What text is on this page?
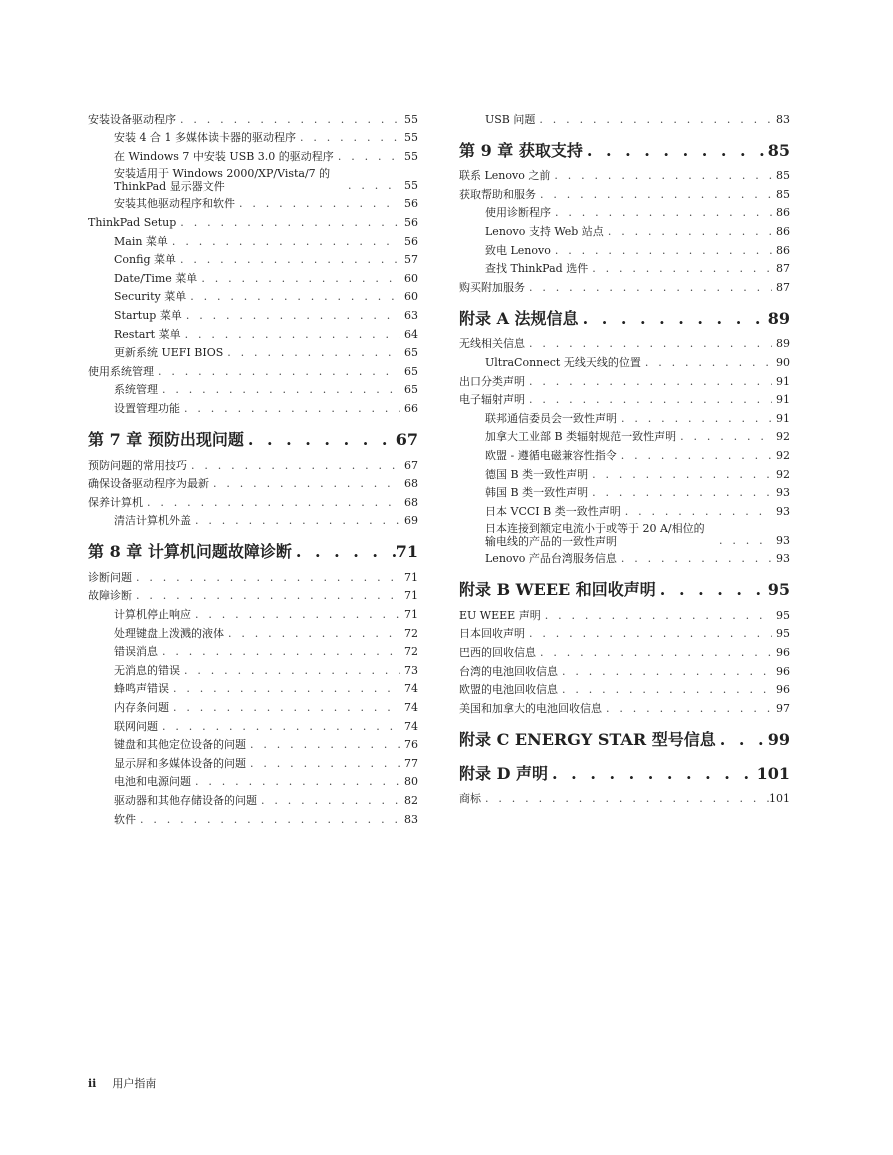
安装设备驱动程序 . . .	55
安装 4 合 1 多媒体读卡器的驱动程序 . . .	55
在 Windows 7 中安装 USB 3.0 的驱动程序 . . .	55
安装适用于 Windows 2000/XP/Vista/7 的 ThinkPad 显示器文件 . . .	55
安装其他驱动程序和软件 . . .	56
ThinkPad Setup . . .	56
Main 菜单 . . .	56
Config 菜单 . . .	57
Date/Time 菜单 . . .	60
Security 菜单 . . .	60
Startup 菜单 . . .	63
Restart 菜单 . . .	64
更新系统 UEFI BIOS . . .	65
使用系统管理 . . .	65
系统管理 . . .	65
设置管理功能 . . .	66
第 7 章 预防出现问题 . . .	67
预防问题的常用技巧 . . .	67
确保设备驱动程序为最新 . . .	68
保养计算机 . . .	68
清洁计算机外盖 . . .	69
第 8 章 计算机问题故障诊断 . . .	71
诊断问题 . . .	71
故障诊断 . . .	71
计算机停止响应 . . .	71
处理键盘上泼溅的液体 . . .	72
错误消息 . . .	72
无消息的错误 . . .	73
蜂鸣声错误 . . .	74
内存条问题 . . .	74
联网问题 . . .	74
键盘和其他定位设备的问题 . . .	76
显示屏和多媒体设备的问题 . . .	77
电池和电源问题 . . .	80
驱动器和其他存储设备的问题 . . .	82
软件 . . .	83
USB 问题 . . .	83
第 9 章 获取支持 . . .	85
联系 Lenovo 之前 . . .	85
获取帮助和服务 . . .	85
使用诊断程序 . . .	86
Lenovo 支持 Web 站点 . . .	86
致电 Lenovo . . .	86
查找 ThinkPad 选件 . . .	87
购买附加服务 . . .	87
附录 A 法规信息 . . .	89
无线相关信息 . . .	89
UltraConnect 无线天线的位置 . . .	90
出口分类声明 . . .	91
电子辐射声明 . . .	91
联邦通信委员会一致性声明 . . .	91
加拿大工业部 B 类辐射规范一致性声明 . . .	92
欧盟 - 遵循电磁兼容性指令 . . .	92
德国 B 类一致性声明 . . .	92
韩国 B 类一致性声明 . . .	93
日本 VCCI B 类一致性声明 . . .	93
日本连接到额定电流小于或等于 20 A/相位的输电线的产品的一致性声明 . . .	93
Lenovo 产品台湾服务信息 . . .	93
附录 B WEEE 和回收声明 . . .	95
EU WEEE 声明 . . .	95
日本回收声明 . . .	95
巴西的回收信息 . . .	96
台湾的电池回收信息 . . .	96
欧盟的电池回收信息 . . .	96
美国和加拿大的电池回收信息 . . .	97
附录 C ENERGY STAR 型号信息 . . .	99
附录 D 声明 . . .	101
商标 . . .	101
ii 用户指南
